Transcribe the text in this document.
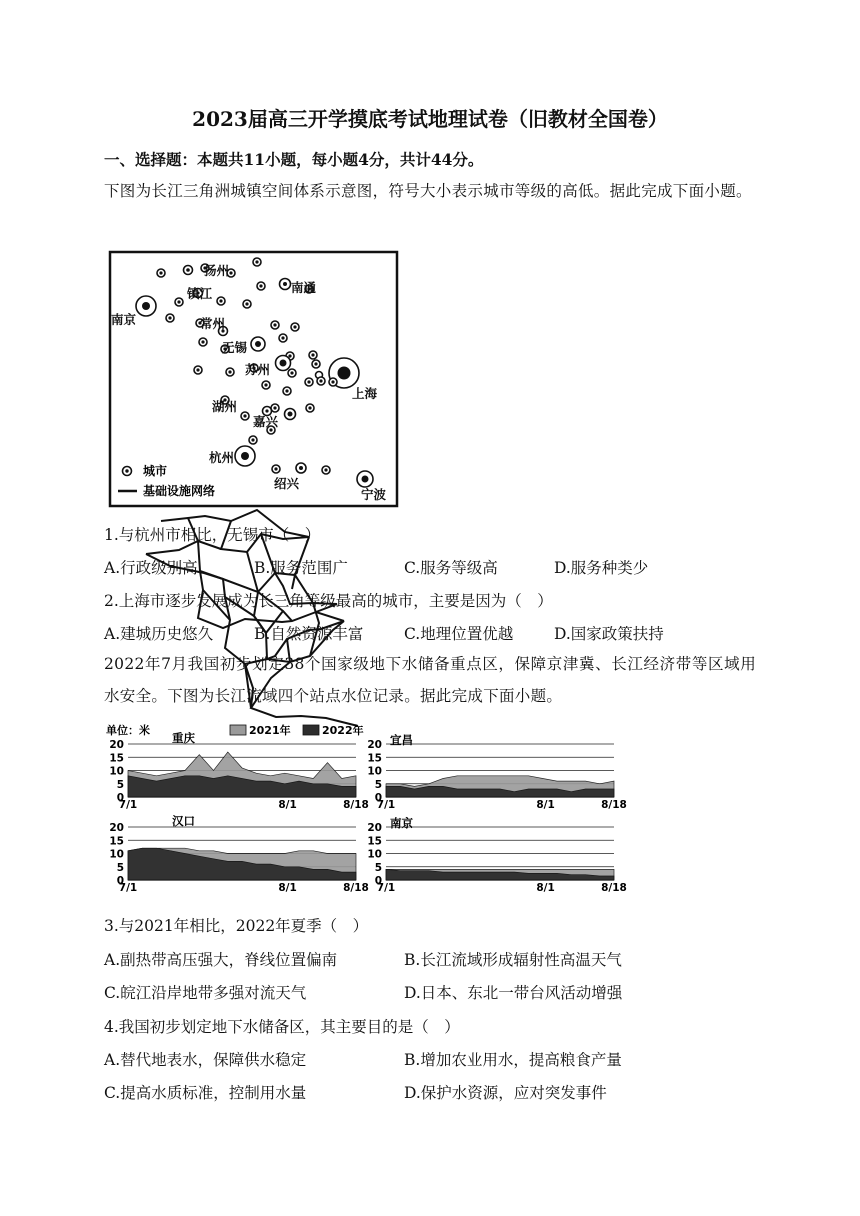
2023届高三开学摸底考试地理试卷（旧教材全国卷）
一、选择题：本题共11小题，每小题4分，共计44分。
下图为长江三角洲城镇空间体系示意图，符号大小表示城市等级的高低。据此完成下面小题。
扬州
南通
镇江
南京	常州
无锡
苏州
上海
湖州
嘉兴
杭州
绍兴
宁波
城市
基础设施网络
1.与杭州市相比，无锡市（　）
A.行政级别高	B.服务范围广	C.服务等级高	D.服务种类少
2.上海市逐步发展成为长三角等级最高的城市，主要是因为（　）
A.建城历史悠久	B.自然资源丰富	C.地理位置优越	D.国家政策扶持
2022年7月我国初步划定38个国家级地下水储备重点区，保障京津冀、长江经济带等区域用水安全。下图为长江流域四个站点水位记录。据此完成下面小题。
单位：米	2021年	2022年
0
5
10
15
20
7/1	8/1	8/18
重庆
0
5
10
15
20
7/1	8/1	8/18
宜昌
0
5
10
15
20
7/1	8/1	8/18
汉口
0
5
10
15
20
7/1	8/1	8/18
南京
3.与2021年相比，2022年夏季（　）
A.副热带高压强大，脊线位置偏南	B.长江流域形成辐射性高温天气
C.皖江沿岸地带多强对流天气	D.日本、东北一带台风活动增强
4.我国初步划定地下水储备区，其主要目的是（　）
A.替代地表水，保障供水稳定	B.增加农业用水，提高粮食产量
C.提高水质标准，控制用水量	D.保护水资源，应对突发事件
